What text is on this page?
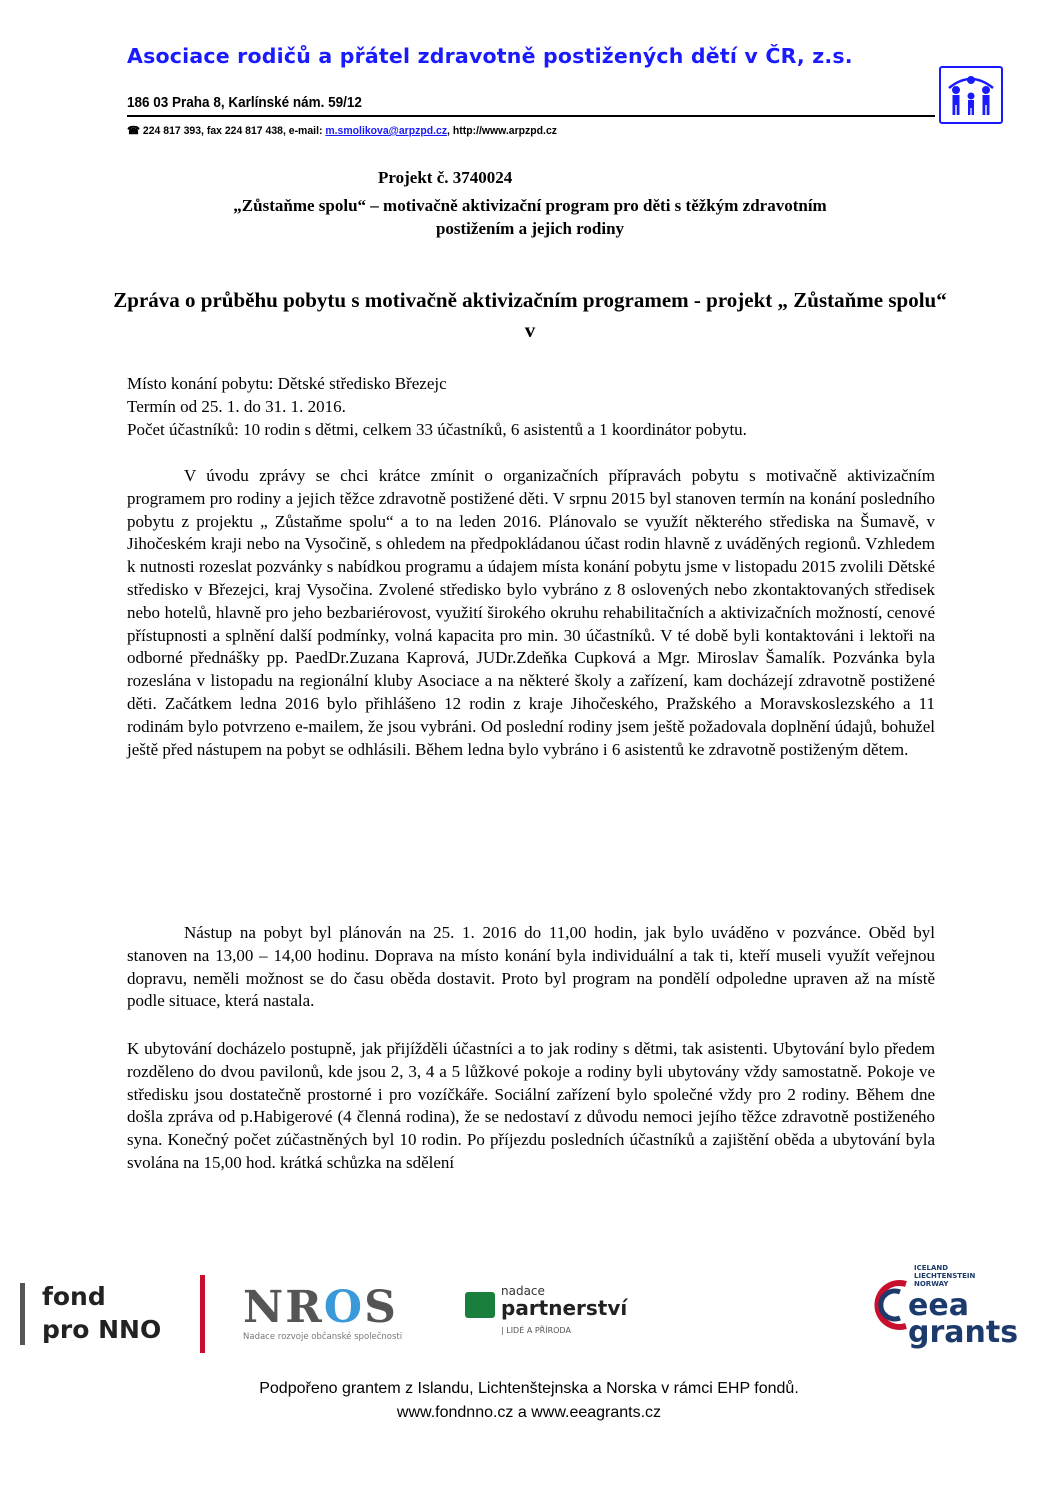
Asociace rodičů a přátel zdravotně postižených dětí v ČR, z.s.
186 03 Praha 8, Karlínské nám. 59/12
☎ 224 817 393, fax 224 817 438, e-mail: m.smolikova@arpzpd.cz, http://www.arpzpd.cz
Projekt č. 3740024
„Zůstaňme spolu“ – motivačně aktivizační program pro děti s těžkým zdravotním postižením a jejich rodiny
Zpráva o průběhu pobytu s motivačně aktivizačním programem - projekt „ Zůstaňme spolu“ v
Místo konání pobytu: Dětské středisko Březejc
Termín od 25. 1. do 31. 1. 2016.
Počet účastníků: 10 rodin s dětmi, celkem 33 účastníků, 6 asistentů a 1 koordinátor pobytu.
V úvodu zprávy se chci krátce zmínit o organizačních přípravách pobytu s motivačně aktivizačním programem pro rodiny a jejich těžce zdravotně postižené děti. V srpnu 2015 byl stanoven termín na konání posledního pobytu z projektu „ Zůstaňme spolu“ a to na leden 2016. Plánovalo se využít některého střediska na Šumavě, v Jihočeském kraji nebo na Vysočině, s ohledem na předpokládanou účast rodin hlavně z uváděných regionů. Vzhledem k nutnosti rozeslat pozvánky s nabídkou programu a údajem místa konání pobytu jsme v listopadu 2015 zvolili Dětské středisko v Březejci, kraj Vysočina. Zvolené středisko bylo vybráno z 8 oslovených nebo zkontaktovaných středisek nebo hotelů, hlavně pro jeho bezbariérovost, využití širokého okruhu rehabilitačních a aktivizačních možností, cenové přístupnosti a splnění další podmínky, volná kapacita pro min. 30 účastníků. V té době byli kontaktováni i lektoři na odborné přednášky pp. PaedDr.Zuzana Kaprová, JUDr.Zdeňka Cupková a Mgr. Miroslav Šamalík. Pozvánka byla rozeslána v listopadu na regionální kluby Asociace a na některé školy a zařízení, kam docházejí zdravotně postižené děti. Začátkem ledna 2016 bylo přihlášeno 12 rodin z kraje Jihočeského, Pražského a Moravskoslezského a 11 rodinám bylo potvrzeno e-mailem, že jsou vybráni. Od poslední rodiny jsem ještě požadovala doplnění údajů, bohužel ještě před nástupem na pobyt se odhlásili. Během ledna bylo vybráno i 6 asistentů ke zdravotně postiženým dětem.
Nástup na pobyt byl plánován na 25. 1. 2016 do 11,00 hodin, jak bylo uváděno v pozvánce. Oběd byl stanoven na 13,00 – 14,00 hodinu. Doprava na místo konání byla individuální a tak ti, kteří museli využít veřejnou dopravu, neměli možnost se do času oběda dostavit. Proto byl program na pondělí odpoledne upraven až na místě podle situace, která nastala.
K ubytování docházelo postupně, jak přijížděli účastníci a to jak rodiny s dětmi, tak asistenti. Ubytování bylo předem rozděleno do dvou pavilonů, kde jsou 2, 3, 4 a 5 lůžkové pokoje a rodiny byli ubytovány vždy samostatně. Pokoje ve středisku jsou dostatečně prostorné i pro vozíčkáře. Sociální zařízení bylo společné vždy pro 2 rodiny. Během dne došla zpráva od p.Habigerové (4 členná rodina), že se nedostaví z důvodu nemoci jejího těžce zdravotně postiženého syna. Konečný počet zúčastněných byl 10 rodin. Po příjezdu posledních účastníků a zajištění oběda a ubytování byla svolána na 15,00 hod. krátká schůzka na sdělení
fond
pro NNO NROS
Nadace rozvoje občanské společnosti
nadace
partnerství
| LIDÉ A PŘÍRODA
ICELAND
LIECHTENSTEIN
NORWAY
eea
grants
Podpořeno grantem z Islandu, Lichtenštejnska a Norska v rámci EHP fondů.
www.fondnno.cz a www.eeagrants.cz
